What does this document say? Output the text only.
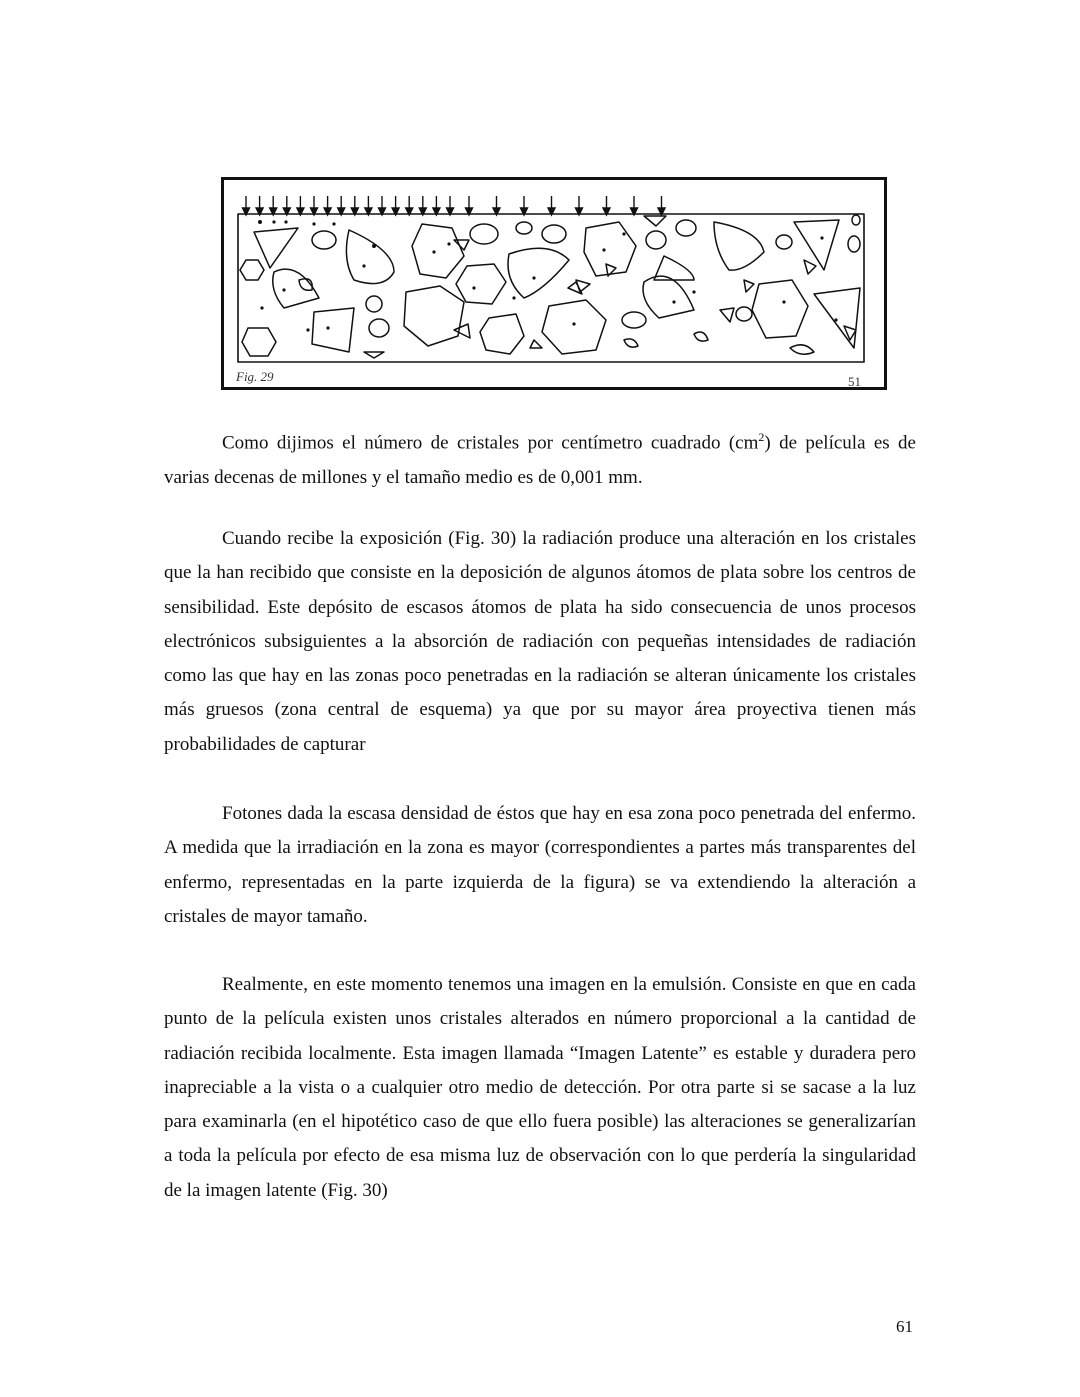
Fig. 29	51

Como dijimos el número de cristales por centímetro cuadrado $(cm^2)$ de película es de varias decenas de millones y el tamaño medio es de 0,001 mm.

Cuando recibe la exposición (Fig. 30) la radiación produce una alteración en los cristales que la han recibido que consiste en la deposición de algunos átomos de plata sobre los centros de sensibilidad. Este depósito de escasos átomos de plata ha sido consecuencia de unos procesos electrónicos subsiguientes a la absorción de radiación con pequeñas intensidades de radiación como las que hay en las zonas poco penetradas en la radiación se alteran únicamente los cristales más gruesos (zona central de esquema) ya que por su mayor área proyectiva tienen más probabilidades de capturar

Fotones dada la escasa densidad de éstos que hay en esa zona poco penetrada del enfermo. A medida que la irradiación en la zona es mayor (correspondientes a partes más transparentes del enfermo, representadas en la parte izquierda de la figura) se va extendiendo la alteración a cristales de mayor tamaño.

Realmente, en este momento tenemos una imagen en la emulsión. Consiste en que en cada punto de la película existen unos cristales alterados en número proporcional a la cantidad de radiación recibida localmente. Esta imagen llamada “Imagen Latente” es estable y duradera pero inapreciable a la vista o a cualquier otro medio de detección. Por otra parte si se sacase a la luz para examinarla (en el hipotético caso de que ello fuera posible) las alteraciones se generalizarían a toda la película por efecto de esa misma luz de observación con lo que perdería la singularidad de la imagen latente (Fig. 30)

61
